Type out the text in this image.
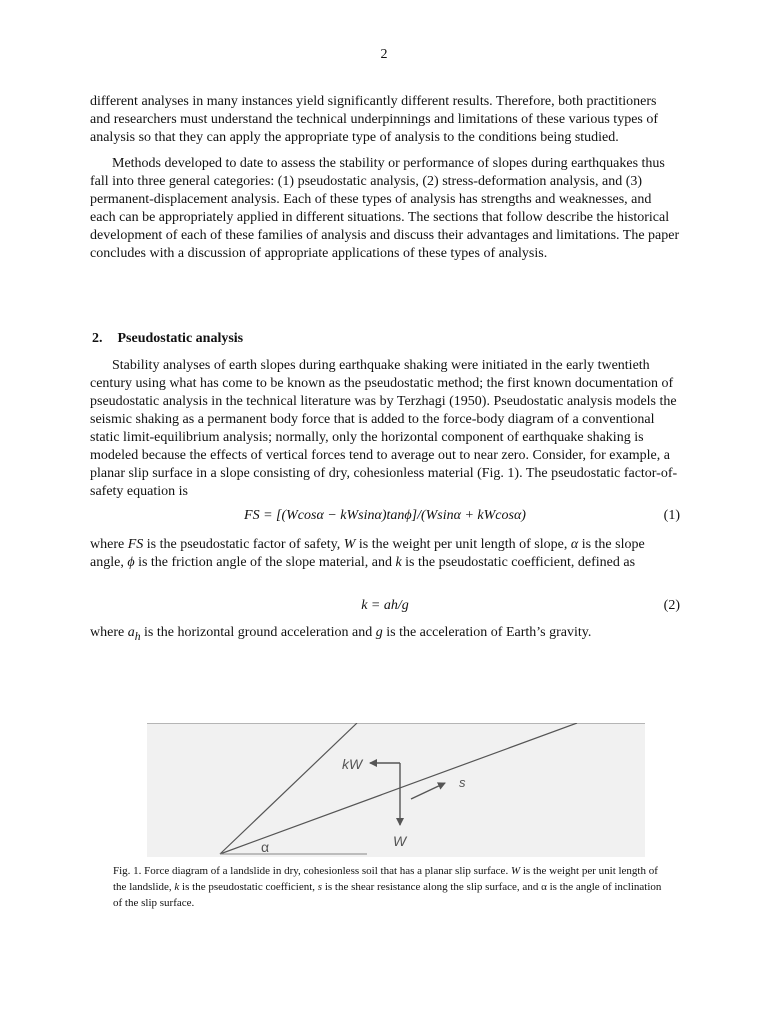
2

different analyses in many instances yield significantly different results. Therefore, both practitioners and researchers must understand the technical underpinnings and limitations of these various types of analysis so that they can apply the appropriate type of analysis to the conditions being studied.

Methods developed to date to assess the stability or performance of slopes during earthquakes thus fall into three general categories: (1) pseudostatic analysis, (2) stress-deformation analysis, and (3) permanent-displacement analysis. Each of these types of analysis has strengths and weaknesses, and each can be appropriately applied in different situations. The sections that follow describe the historical development of each of these families of analysis and discuss their advantages and limitations. The paper concludes with a discussion of appropriate applications of these types of analysis.

2. Pseudostatic analysis
Stability analyses of earth slopes during earthquake shaking were initiated in the early twentieth century using what has come to be known as the pseudostatic method; the first known documentation of pseudostatic analysis in the technical literature was by Terzhagi (1950). Pseudostatic analysis models the seismic shaking as a permanent body force that is added to the force-body diagram of a conventional static limit-equilibrium analysis; normally, only the horizontal component of earthquake shaking is modeled because the effects of vertical forces tend to average out to near zero. Consider, for example, a planar slip surface in a slope consisting of dry, cohesionless material (Fig. 1). The pseudostatic factor-of-safety equation is
FS = [(Wcosα − kWsinα)tanϕ]/(Wsinα + kWcosα)	(1)
where FS is the pseudostatic factor of safety, W is the weight per unit length of slope, α is the slope angle, ϕ is the friction angle of the slope material, and k is the pseudostatic coefficient, defined as
k = ah/g	(2)
where $a_h$ is the horizontal ground acceleration and g is the acceleration of Earth’s gravity.
kW
s
W
α
Fig. 1. Force diagram of a landslide in dry, cohesionless soil that has a planar slip surface. W is the weight per unit length of the landslide, k is the pseudostatic coefficient, s is the shear resistance along the slip surface, and α is the angle of inclination of the slip surface.
